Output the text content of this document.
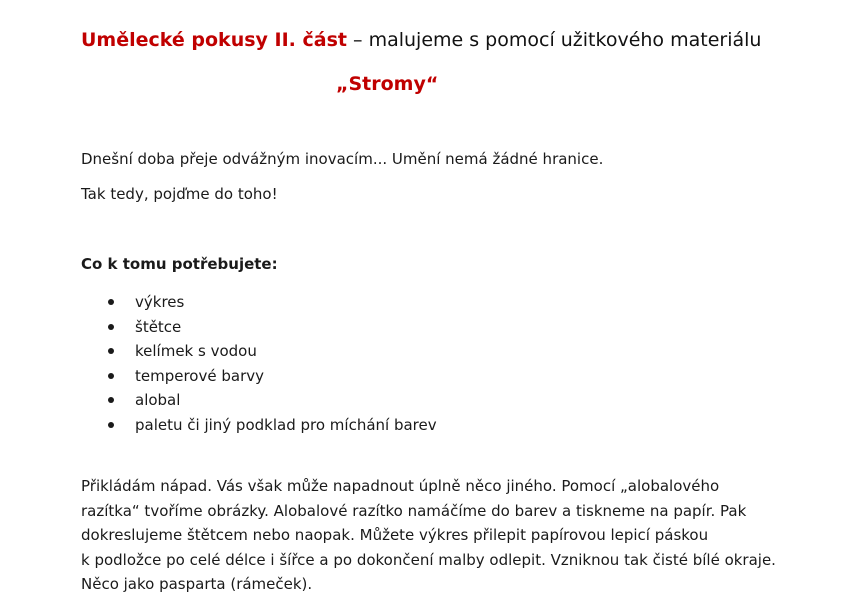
Umělecké pokusy II. část – malujeme s pomocí užitkového materiálu
„Stromy“
Dnešní doba přeje odvážným inovacím... Umění nemá žádné hranice.
Tak tedy, pojďme do toho!
Co k tomu potřebujete:
výkres
štětce
kelímek s vodou
temperové barvy
alobal
paletu či jiný podklad pro míchání barev
Přikládám nápad. Vás však může napadnout úplně něco jiného. Pomocí „alobalového
razítka“ tvoříme obrázky. Alobalové razítko namáčíme do barev a tiskneme na papír. Pak
dokreslujeme štětcem nebo naopak. Můžete výkres přilepit papírovou lepicí páskou
k podložce po celé délce i šířce a po dokončení malby odlepit. Vzniknou tak čisté bílé okraje.
Něco jako pasparta (rámeček).
